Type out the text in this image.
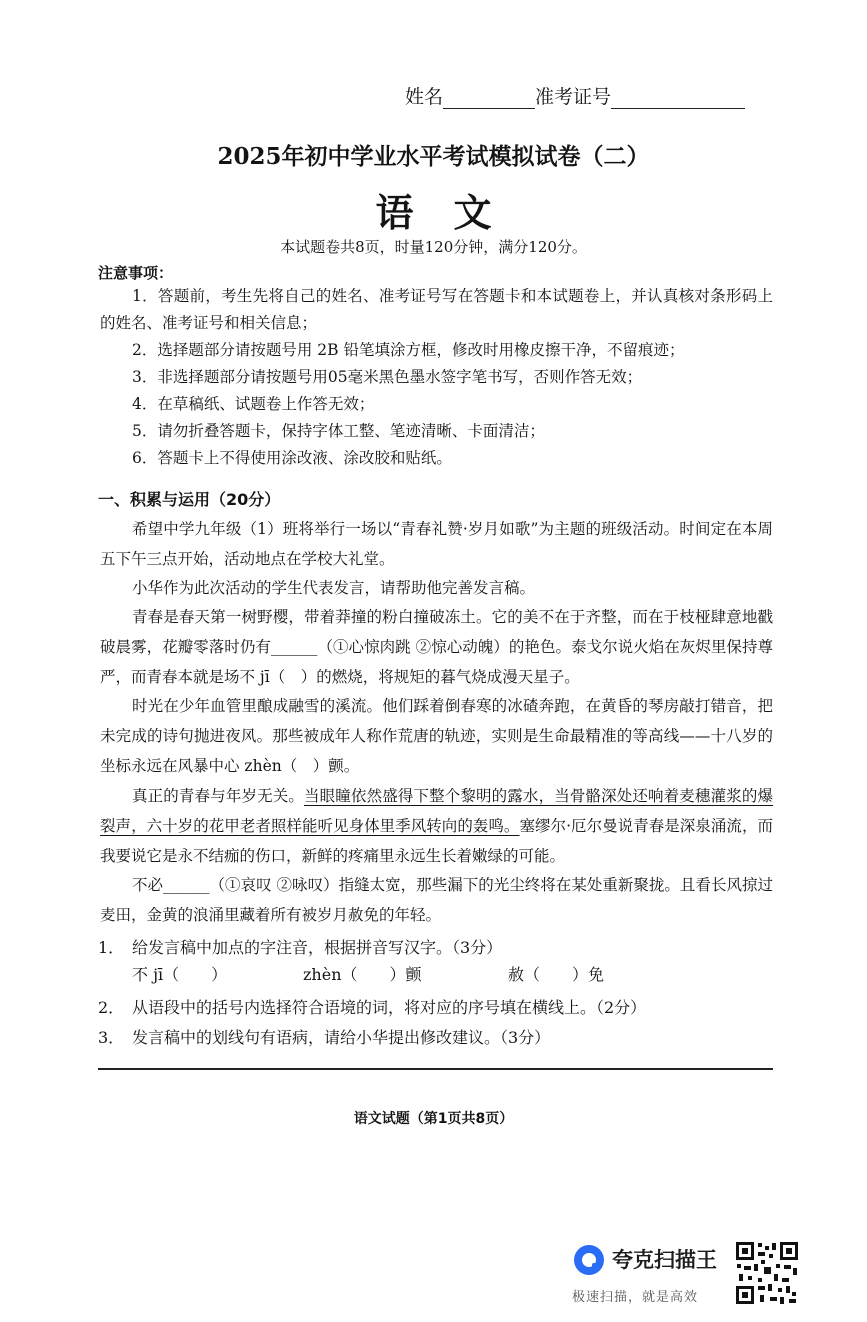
姓名	准考证号
2025年初中学业水平考试模拟试卷（二）
语文
本试题卷共8页，时量120分钟，满分120分。
注意事项：
1．答题前，考生先将自己的姓名、准考证号写在答题卡和本试题卷上，并认真核对条形码上的姓名、准考证号和相关信息；
2．选择题部分请按题号用 2B 铅笔填涂方框，修改时用橡皮擦干净，不留痕迹；
3．非选择题部分请按题号用05毫米黑色墨水签字笔书写，否则作答无效；
4．在草稿纸、试题卷上作答无效；
5．请勿折叠答题卡，保持字体工整、笔迹清晰、卡面清洁；
6．答题卡上不得使用涂改液、涂改胶和贴纸。
一、积累与运用（20分）
希望中学九年级（1）班将举行一场以“青春礼赞·岁月如歌”为主题的班级活动。时间定在本周五下午三点开始，活动地点在学校大礼堂。
小华作为此次活动的学生代表发言，请帮助他完善发言稿。
青春是春天第一树野樱，带着莽撞的粉白撞破冻土。它的美不在于齐整，而在于枝桠肆意地戳破晨雾，花瓣零落时仍有______（①心惊肉跳 ②惊心动魄）的艳色。泰戈尔说火焰在灰烬里保持尊严，而青春本就是场不 jī（　）的燃烧，将规矩的暮气烧成漫天星子。
时光在少年血管里酿成融雪的溪流。他们踩着倒春寒的冰碴奔跑，在黄昏的琴房敲打错音，把未完成的诗句抛进夜风。那些被成年人称作荒唐的轨迹，实则是生命最精准的等高线——十八岁的坐标永远在风暴中心 zhèn（　）颤。
真正的青春与年岁无关。当眼瞳依然盛得下整个黎明的露水，当骨骼深处还响着麦穗灌浆的爆裂声，六十岁的花甲老者照样能听见身体里季风转向的轰鸣。塞缪尔·厄尔曼说青春是深泉涌流，而我要说它是永不结痂的伤口，新鲜的疼痛里永远生长着嫩绿的可能。
不必______（①哀叹 ②咏叹）指缝太宽，那些漏下的光尘终将在某处重新聚拢。且看长风掠过麦田，金黄的浪涌里藏着所有被岁月赦免的年轻。
1． 给发言稿中加点的字注音，根据拼音写汉字。（3分）
不 jī（　　）	zhèn（　　）颤	赦（　　）免
2． 从语段中的括号内选择符合语境的词，将对应的序号填在横线上。（2分）
3． 发言稿中的划线句有语病，请给小华提出修改建议。（3分）
语文试题（第1页共8页）
夸克扫描王
极速扫描，就是高效
